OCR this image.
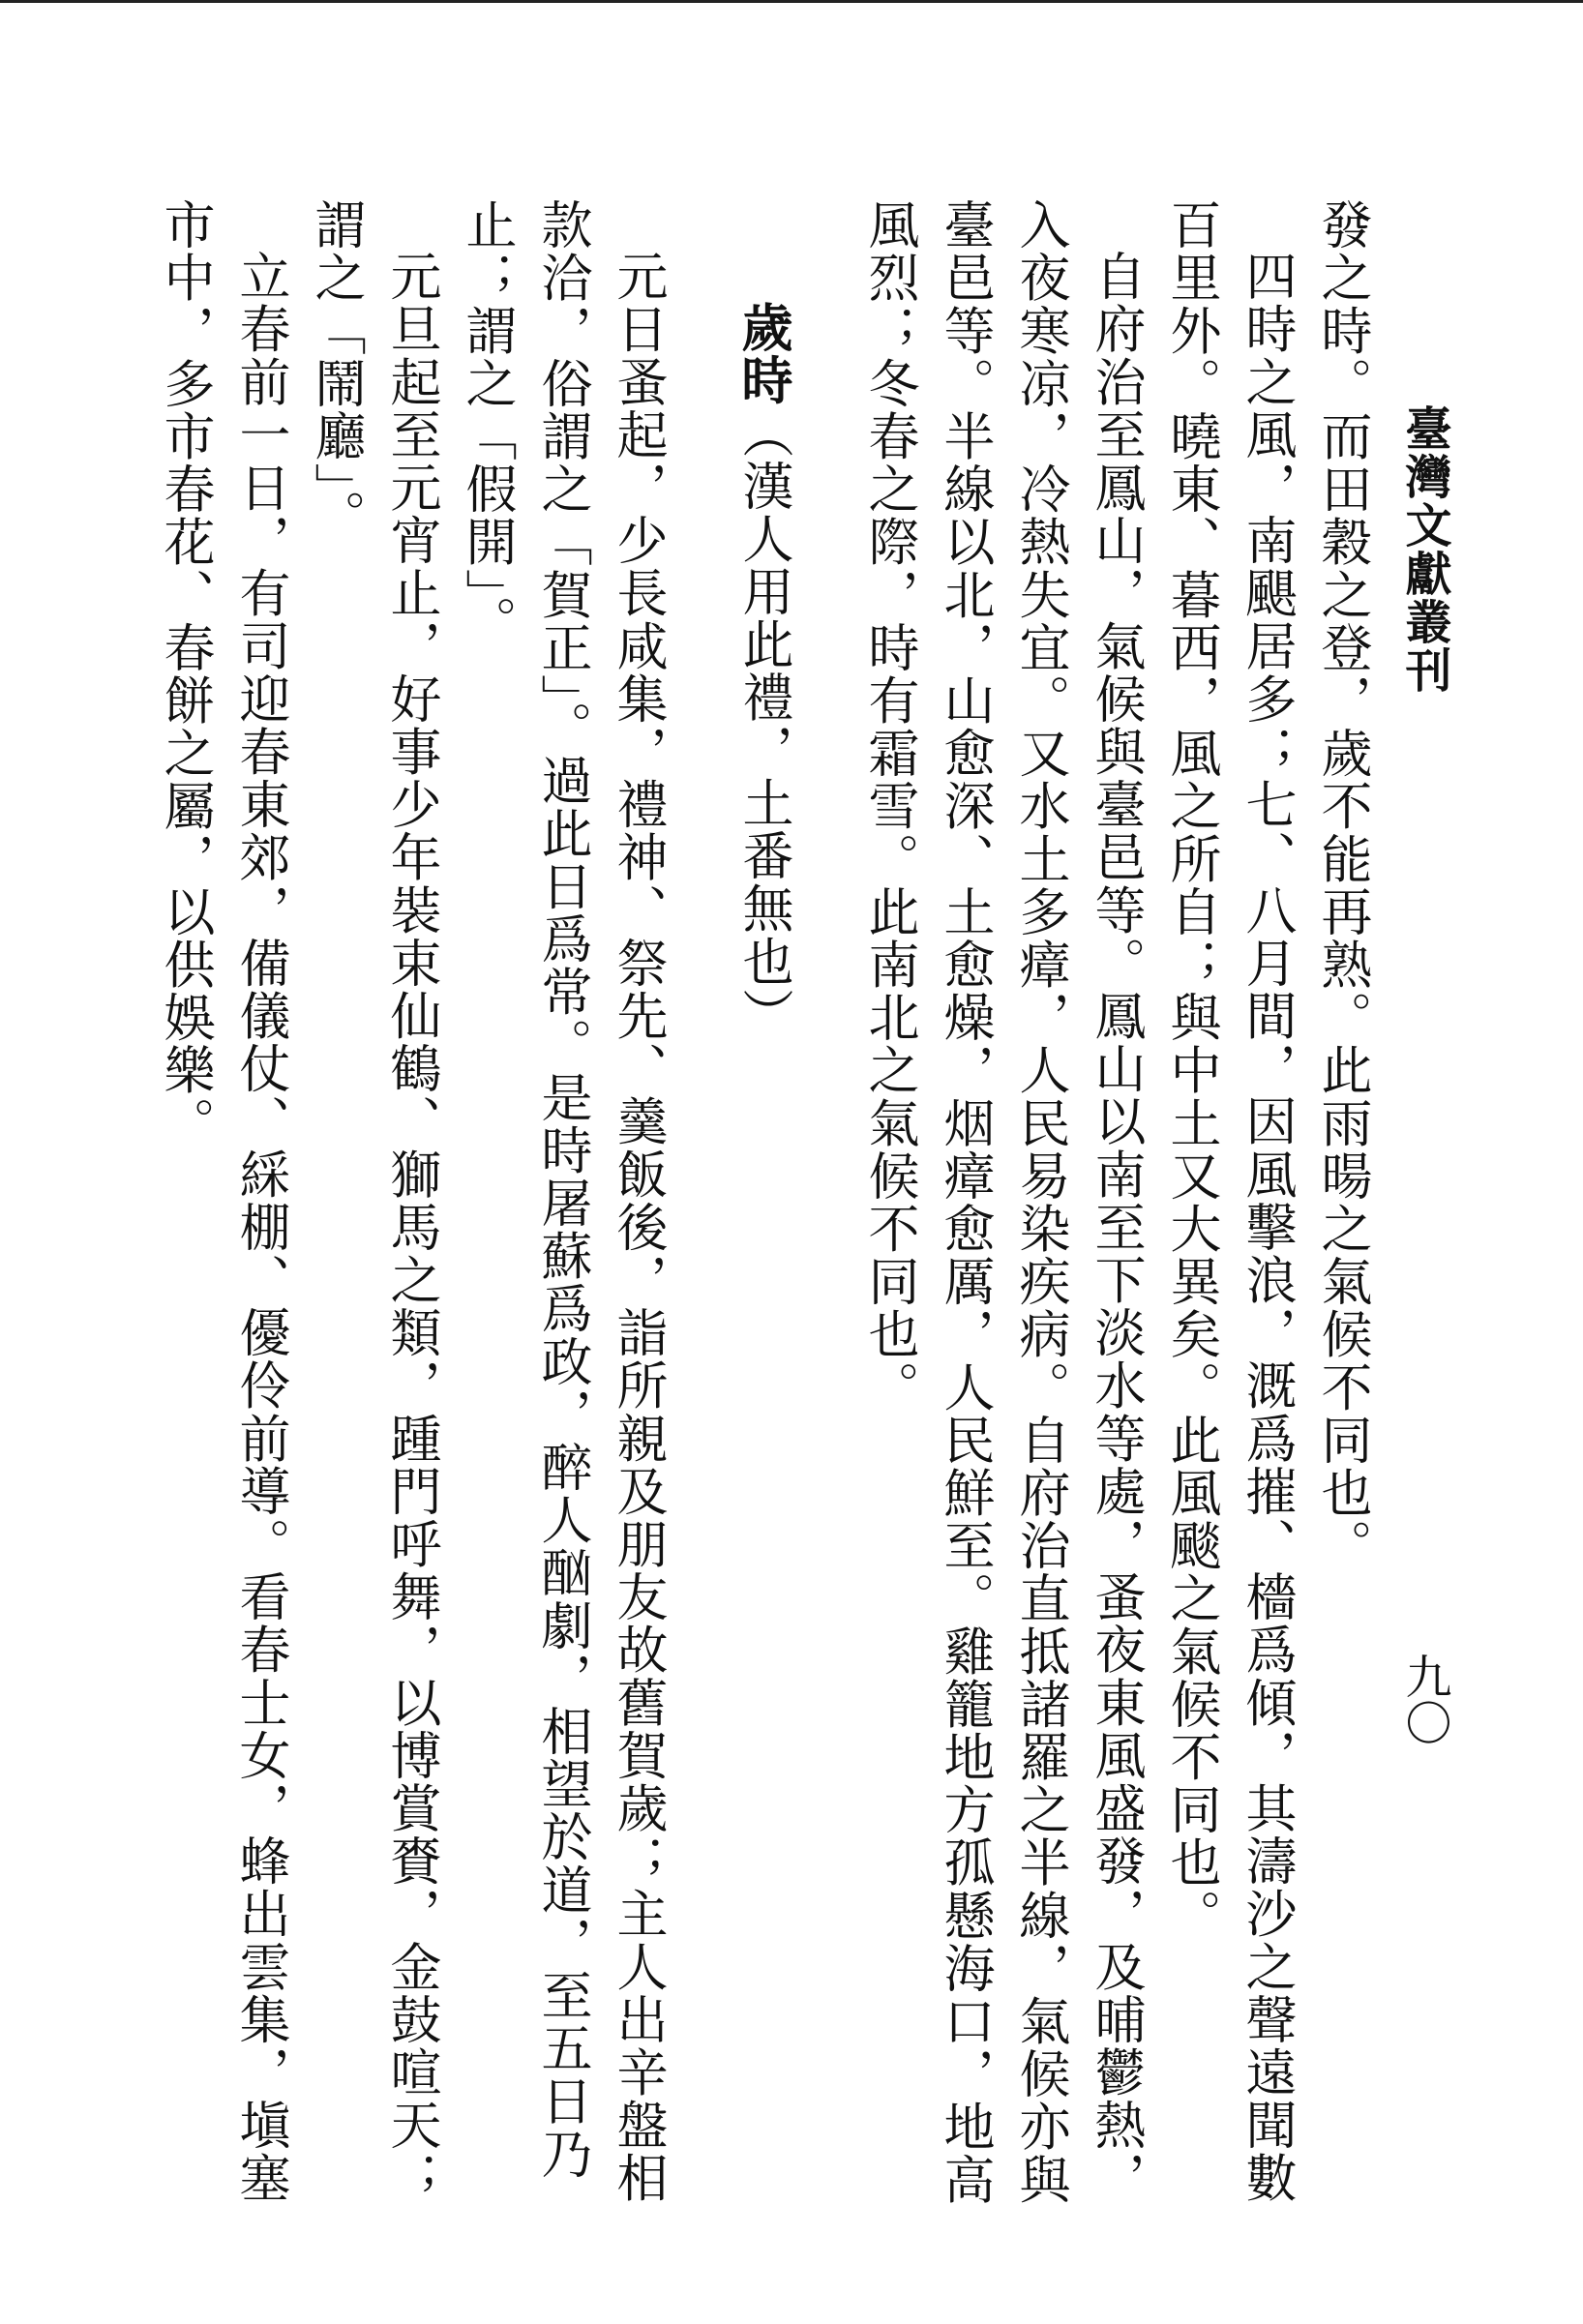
臺灣文獻叢刊
九〇

發之時。而田穀之登，歲不能再熟。此雨暘之氣候不同也。

四時之風，南颶居多；七、八月間，因風擊浪，溉爲摧、檣爲傾，其濤沙之聲遠聞數百里外。曉東、暮西，風之所自；與中土又大異矣。此風颷之氣候不同也。

自府治至鳳山，氣候與臺邑等。鳳山以南至下淡水等處，蚤夜東風盛發，及晡鬱熱，入夜寒凉，冷熱失宜。又水土多瘴，人民易染疾病。自府治直抵諸羅之半線，氣候亦與臺邑等。半線以北，山愈深、土愈燥，烟瘴愈厲，人民鮮至。雞籠地方孤懸海口，地高風烈；冬春之際，時有霜雪。此南北之氣候不同也。

歲時（漢人用此禮，土番無也）

元日蚤起，少長咸集，禮神、祭先、羹飯後，詣所親及朋友故舊賀歲；主人出辛盤相款洽，俗謂之「賀正」。過此日爲常。是時屠蘇爲政，醉人酗劇，相望於道，至五日乃止；謂之「假開」。

元旦起至元宵止，好事少年裝束仙鶴、獅馬之類，踵門呼舞，以博賞賚，金鼓喧天；謂之「鬧廳」。

立春前一日，有司迎春東郊，備儀仗、綵棚、優伶前導。看春士女，蜂出雲集，塡塞市中，多市春花、春餅之屬，以供娛樂。
